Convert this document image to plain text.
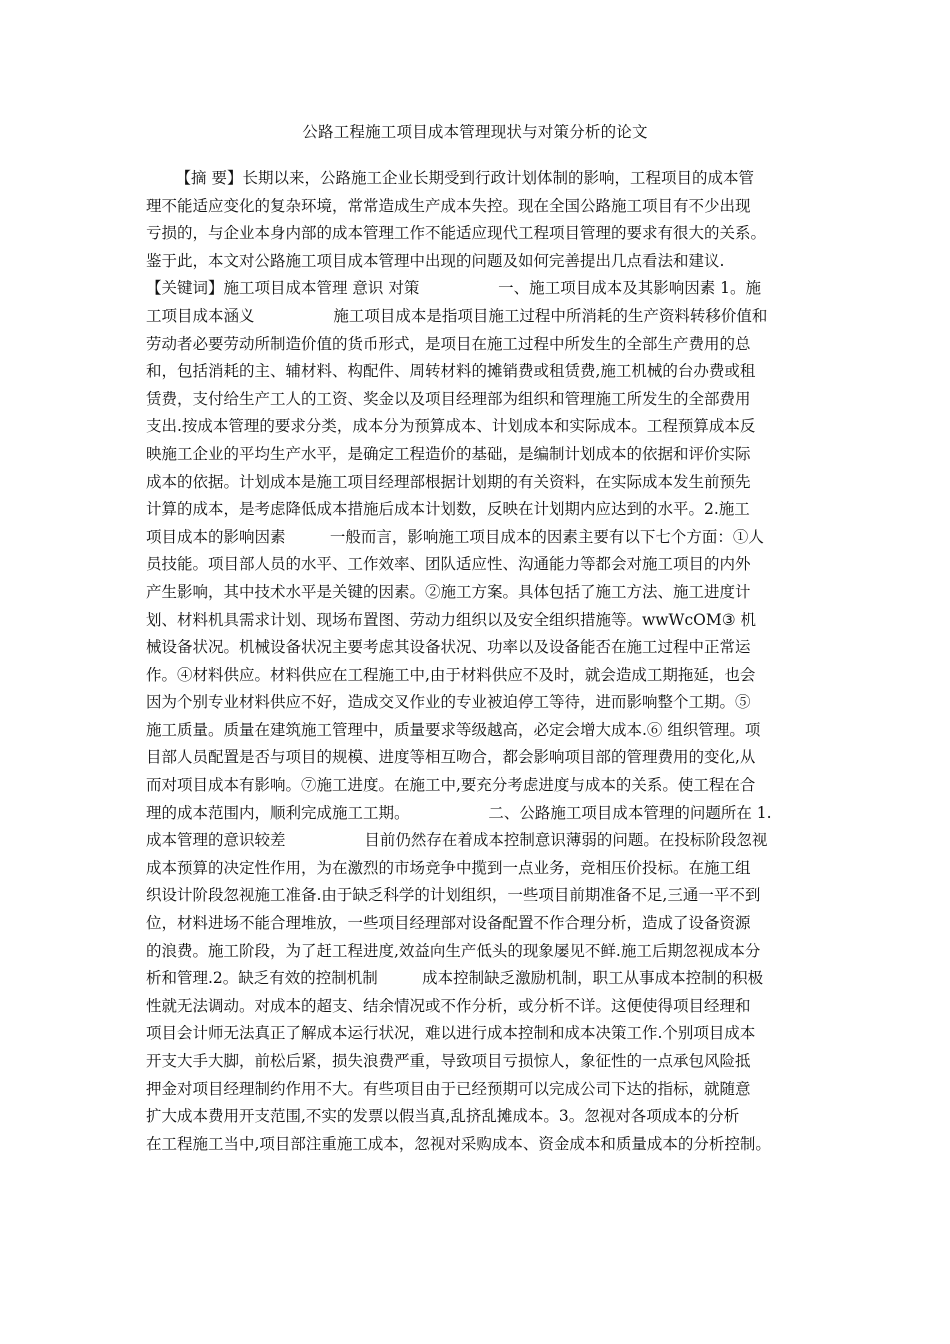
公路工程施工项目成本管理现状与对策分析的论文
【摘 要】长期以来，公路施工企业长期受到行政计划体制的影响，工程项目的成本管
理不能适应变化的复杂环境，常常造成生产成本失控。现在全国公路施工项目有不少出现
亏损的，与企业本身内部的成本管理工作不能适应现代工程项目管理的要求有很大的关系。
鉴于此，本文对公路施工项目成本管理中出现的问题及如何完善提出几点看法和建议.
【关键词】施工项目成本管理 意识 对策                一、施工项目成本及其影响因素 1。施
工项目成本涵义                施工项目成本是指项目施工过程中所消耗的生产资料转移价值和
劳动者必要劳动所制造价值的货币形式，是项目在施工过程中所发生的全部生产费用的总
和，包括消耗的主、辅材料、构配件、周转材料的摊销费或租赁费,施工机械的台办费或租
赁费，支付给生产工人的工资、奖金以及项目经理部为组织和管理施工所发生的全部费用
支出.按成本管理的要求分类，成本分为预算成本、计划成本和实际成本。工程预算成本反
映施工企业的平均生产水平，是确定工程造价的基础，是编制计划成本的依据和评价实际
成本的依据。计划成本是施工项目经理部根据计划期的有关资料，在实际成本发生前预先
计算的成本，是考虑降低成本措施后成本计划数，反映在计划期内应达到的水平。2.施工
项目成本的影响因素         一般而言，影响施工项目成本的因素主要有以下七个方面：①人
员技能。项目部人员的水平、工作效率、团队适应性、沟通能力等都会对施工项目的内外
产生影响，其中技术水平是关键的因素。②施工方案。具体包括了施工方法、施工进度计
划、材料机具需求计划、现场布置图、劳动力组织以及安全组织措施等。wwWcOM③ 机
械设备状况。机械设备状况主要考虑其设备状况、功率以及设备能否在施工过程中正常运
作。④材料供应。材料供应在工程施工中,由于材料供应不及时，就会造成工期拖延，也会
因为个别专业材料供应不好，造成交叉作业的专业被迫停工等待，进而影响整个工期。⑤
施工质量。质量在建筑施工管理中，质量要求等级越高，必定会增大成本.⑥ 组织管理。项
目部人员配置是否与项目的规模、进度等相互吻合，都会影响项目部的管理费用的变化,从
而对项目成本有影响。⑦施工进度。在施工中,要充分考虑进度与成本的关系。使工程在合
理的成本范围内，顺利完成施工工期。                二、公路施工项目成本管理的问题所在 1.
成本管理的意识较差                目前仍然存在着成本控制意识薄弱的问题。在投标阶段忽视
成本预算的决定性作用，为在激烈的市场竞争中揽到一点业务，竞相压价投标。在施工组
织设计阶段忽视施工准备.由于缺乏科学的计划组织，一些项目前期准备不足,三通一平不到
位，材料进场不能合理堆放，一些项目经理部对设备配置不作合理分析，造成了设备资源
的浪费。施工阶段，为了赶工程进度,效益向生产低头的现象屡见不鲜.施工后期忽视成本分
析和管理.2。缺乏有效的控制机制         成本控制缺乏激励机制，职工从事成本控制的积极
性就无法调动。对成本的超支、结余情况或不作分析，或分析不详。这便使得项目经理和
项目会计师无法真正了解成本运行状况，难以进行成本控制和成本决策工作.个别项目成本
开支大手大脚，前松后紧，损失浪费严重，导致项目亏损惊人，象征性的一点承包风险抵
押金对项目经理制约作用不大。有些项目由于已经预期可以完成公司下达的指标，就随意
扩大成本费用开支范围,不实的发票以假当真,乱挤乱摊成本。3。忽视对各项成本的分析
在工程施工当中,项目部注重施工成本，忽视对采购成本、资金成本和质量成本的分析控制。
